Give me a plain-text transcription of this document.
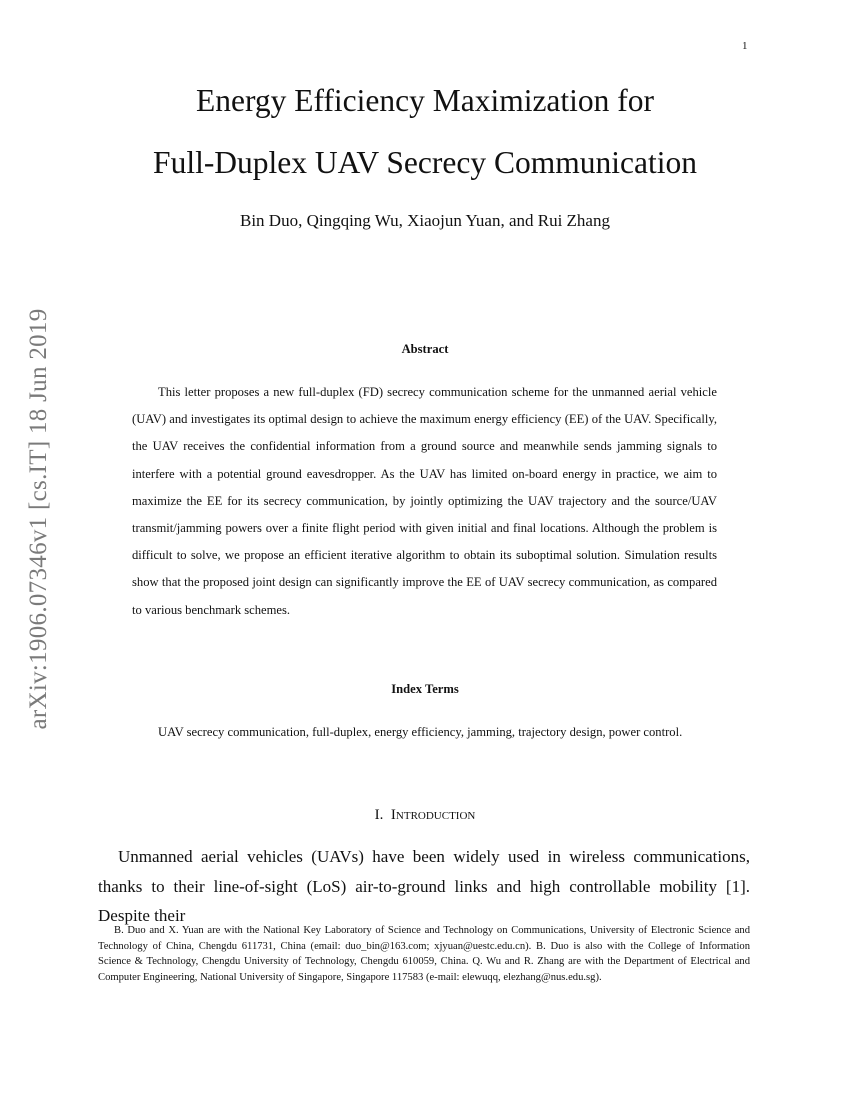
1
arXiv:1906.07346v1 [cs.IT] 18 Jun 2019
Energy Efficiency Maximization for
Full-Duplex UAV Secrecy Communication
Bin Duo, Qingqing Wu, Xiaojun Yuan, and Rui Zhang
Abstract
This letter proposes a new full-duplex (FD) secrecy communication scheme for the unmanned aerial vehicle (UAV) and investigates its optimal design to achieve the maximum energy efficiency (EE) of the UAV. Specifically, the UAV receives the confidential information from a ground source and meanwhile sends jamming signals to interfere with a potential ground eavesdropper. As the UAV has limited on-board energy in practice, we aim to maximize the EE for its secrecy communication, by jointly optimizing the UAV trajectory and the source/UAV transmit/jamming powers over a finite flight period with given initial and final locations. Although the problem is difficult to solve, we propose an efficient iterative algorithm to obtain its suboptimal solution. Simulation results show that the proposed joint design can significantly improve the EE of UAV secrecy communication, as compared to various benchmark schemes.
Index Terms
UAV secrecy communication, full-duplex, energy efficiency, jamming, trajectory design, power control.
I. Introduction
Unmanned aerial vehicles (UAVs) have been widely used in wireless communications, thanks to their line-of-sight (LoS) air-to-ground links and high controllable mobility [1]. Despite their
B. Duo and X. Yuan are with the National Key Laboratory of Science and Technology on Communications, University of Electronic Science and Technology of China, Chengdu 611731, China (email: duo_bin@163.com; xjyuan@uestc.edu.cn). B. Duo is also with the College of Information Science & Technology, Chengdu University of Technology, Chengdu 610059, China. Q. Wu and R. Zhang are with the Department of Electrical and Computer Engineering, National University of Singapore, Singapore 117583 (e-mail: elewuqq, elezhang@nus.edu.sg).
